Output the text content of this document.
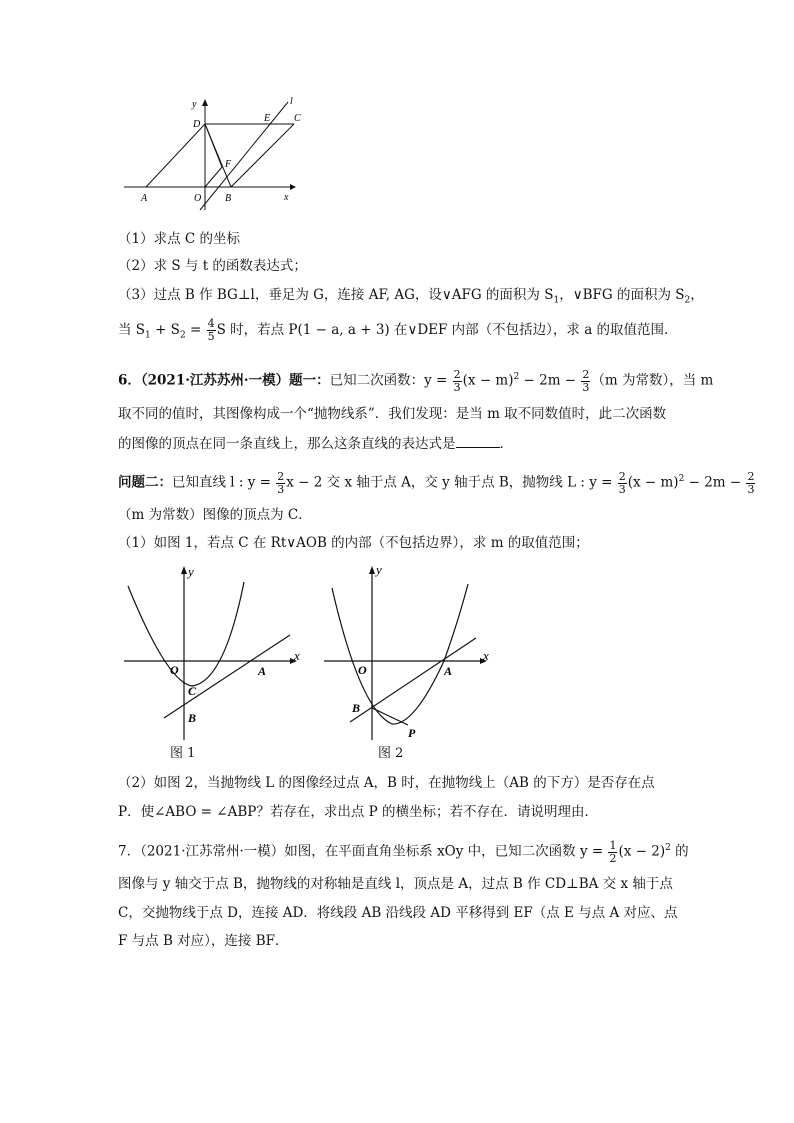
y	l
D
E C
F
A	O B	x
（1）求点 C 的坐标
（2）求 S 与 t 的函数表达式；
（3）过点 B 作 BG⊥l，垂足为 G，连接 AF, AG，设∨AFG 的面积为 $S_1$，∨BFG 的面积为 $S_2$，
当 $S_1 + S_2 = \frac{4}{5}$ S 时，若点 P(1 − a, a + 3) 在∨DEF 内部（不包括边），求 a 的取值范围.
6．（2021·江苏苏州·一模）题一：已知二次函数：$y = \frac{2}{3} (x - m)^2 - 2m - \frac{2}{3} (m$ 为常数），当 m
取不同的值时，其图像构成一个“抛物线系”．我们发现：是当 m 取不同数值时，此二次函数
的图像的顶点在同一条直线上，那么这条直线的表达式是	．
问题二：已知直线 l : $y = \frac{2}{3}$ x − 2 交 x 轴于点 A，交 y 轴于点 B，抛物线 L : $y = \frac{2}{3} (x - m)^2 - 2m - \frac{2}{3}$
（m 为常数）图像的顶点为 C．
（1）如图 1，若点 C 在 Rt∨AOB 的内部（不包括边界），求 m 的取值范围；
y
x
O
C
A
B
图 1
y
x
O	A
B
P
图 2
（2）如图 2，当抛物线 L 的图像经过点 A，B 时，在抛物线上（AB 的下方）是否存在点
P．使∠ABO = ∠ABP？若存在，求出点 P 的横坐标；若不存在．请说明理由．
7．（2021·江苏常州·一模）如图，在平面直角坐标系 xOy 中，已知二次函数 $y = \frac{1}{2} (x - 2)^2$ 的
图像与 y 轴交于点 B，抛物线的对称轴是直线 l，顶点是 A，过点 B 作 CD⊥BA 交 x 轴于点
C，交抛物线于点 D，连接 AD．将线段 AB 沿线段 AD 平移得到 EF（点 E 与点 A 对应、点
F 与点 B 对应），连接 BF．
